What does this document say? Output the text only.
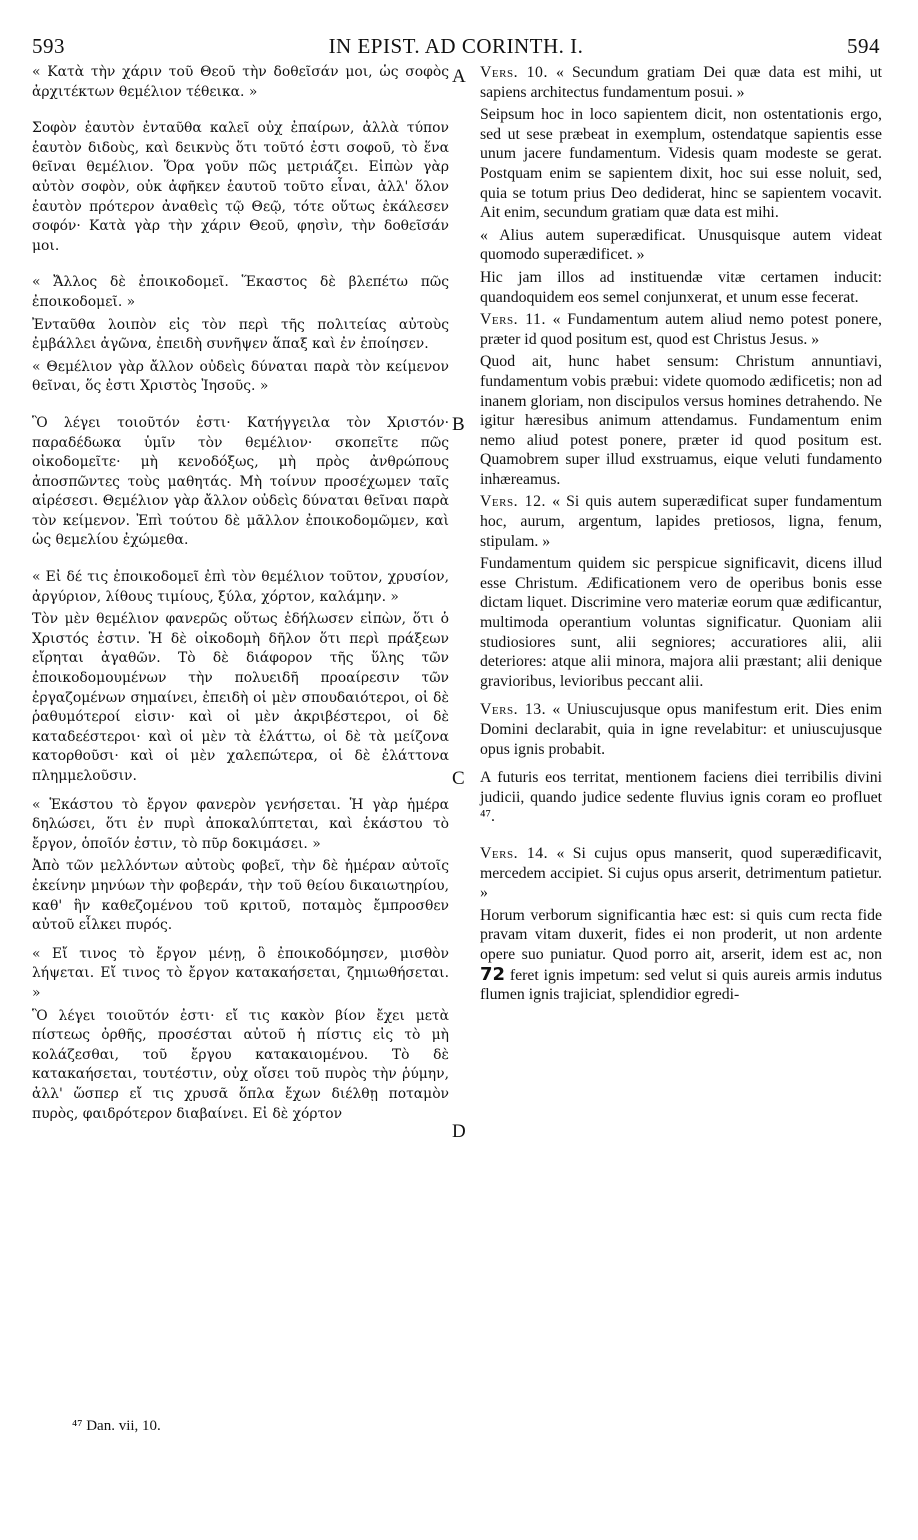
593	IN EPIST. AD CORINTH. I.	594
A
B
C
D

« Κατὰ τὴν χάριν τοῦ Θεοῦ τὴν δοθεῖσάν μοι, ὡς σοφὸς ἀρχιτέκτων θεμέλιον τέθεικα. »

Σοφὸν ἑαυτὸν ἐνταῦθα καλεῖ οὐχ ἐπαίρων, ἀλλὰ τύπον ἑαυτὸν διδοὺς, καὶ δεικνὺς ὅτι τοῦτό ἐστι σοφοῦ, τὸ ἕνα θεῖναι θεμέλιον. Ὅρα γοῦν πῶς μετριάζει. Εἰπὼν γὰρ αὐτὸν σοφὸν, οὐκ ἀφῆκεν ἑαυτοῦ τοῦτο εἶναι, ἀλλ' ὅλον ἑαυτὸν πρότερον ἀναθεὶς τῷ Θεῷ, τότε οὕτως ἐκάλεσεν σοφόν· Κατὰ γὰρ τὴν χάριν Θεοῦ, φησὶν, τὴν δοθεῖσάν μοι.

« Ἄλλος δὲ ἐποικοδομεῖ. Ἕκαστος δὲ βλεπέτω πῶς ἐποικοδομεῖ. »

Ἐνταῦθα λοιπὸν εἰς τὸν περὶ τῆς πολιτείας αὐτοὺς ἐμβάλλει ἀγῶνα, ἐπειδὴ συνῆψεν ἅπαξ καὶ ἐν ἐποίησεν.

« Θεμέλιον γὰρ ἄλλον οὐδεὶς δύναται παρὰ τὸν κείμενον θεῖναι, ὅς ἐστι Χριστὸς Ἰησοῦς. »

Ὃ λέγει τοιοῦτόν ἐστι· Κατήγγειλα τὸν Χριστόν· παραδέδωκα ὑμῖν τὸν θεμέλιον· σκοπεῖτε πῶς οἰκοδομεῖτε· μὴ κενοδόξως, μὴ πρὸς ἀνθρώπους ἀποσπῶντες τοὺς μαθητάς. Μὴ τοίνυν προσέχωμεν ταῖς αἱρέσεσι. Θεμέλιον γὰρ ἄλλον οὐδεὶς δύναται θεῖναι παρὰ τὸν κείμενον. Ἐπὶ τούτου δὲ μᾶλλον ἐποικοδομῶμεν, καὶ ὡς θεμελίου ἐχώμεθα.

« Εἰ δέ τις ἐποικοδομεῖ ἐπὶ τὸν θεμέλιον τοῦτον, χρυσίον, ἀργύριον, λίθους τιμίους, ξύλα, χόρτον, καλάμην. »

Τὸν μὲν θεμέλιον φανερῶς οὕτως ἐδήλωσεν εἰπὼν, ὅτι ὁ Χριστός ἐστιν. Ἡ δὲ οἰκοδομὴ δῆλον ὅτι περὶ πράξεων εἴρηται ἀγαθῶν. Τὸ δὲ διάφορον τῆς ὕλης τῶν ἐποικοδομουμένων τὴν πολυειδῆ προαίρεσιν τῶν ἐργαζομένων σημαίνει, ἐπειδὴ οἱ μὲν σπουδαιότεροι, οἱ δὲ ῥαθυμότεροί εἰσιν· καὶ οἱ μὲν ἀκριβέστεροι, οἱ δὲ καταδεέστεροι· καὶ οἱ μὲν τὰ ἐλάττω, οἱ δὲ τὰ μείζονα κατορθοῦσι· καὶ οἱ μὲν χαλεπώτερα, οἱ δὲ ἐλάττονα πλημμελοῦσιν.

« Ἑκάστου τὸ ἔργον φανερὸν γενήσεται. Ἡ γὰρ ἡμέρα δηλώσει, ὅτι ἐν πυρὶ ἀποκαλύπτεται, καὶ ἑκάστου τὸ ἔργον, ὁποῖόν ἐστιν, τὸ πῦρ δοκιμάσει. »

Ἀπὸ τῶν μελλόντων αὐτοὺς φοβεῖ, τὴν δὲ ἡμέραν αὐτοῖς ἐκείνην μηνύων τὴν φοβεράν, τὴν τοῦ θείου δικαιωτηρίου, καθ' ἣν καθεζομένου τοῦ κριτοῦ, ποταμὸς ἔμπροσθεν αὐτοῦ εἷλκει πυρός.

« Εἴ τινος τὸ ἔργον μένῃ, ὃ ἐποικοδόμησεν, μισθὸν λήψεται. Εἴ τινος τὸ ἔργον κατακαήσεται, ζημιωθήσεται. »

Ὃ λέγει τοιοῦτόν ἐστι· εἴ τις κακὸν βίον ἔχει μετὰ πίστεως ὀρθῆς, προσέσται αὐτοῦ ἡ πίστις εἰς τὸ μὴ κολάζεσθαι, τοῦ ἔργου κατακαιομένου. Τὸ δὲ κατακαήσεται, τουτέστιν, οὐχ οἴσει τοῦ πυρὸς τὴν ῥύμην, ἀλλ' ὥσπερ εἴ τις χρυσᾶ ὅπλα ἔχων διέλθῃ ποταμὸν πυρὸς, φαιδρότερον διαβαίνει. Εἰ δὲ χόρτον

Vers. 10. « Secundum gratiam Dei quæ data est mihi, ut sapiens architectus fundamentum posui. »

Seipsum hoc in loco sapientem dicit, non ostentationis ergo, sed ut sese præbeat in exemplum, ostendatque sapientis esse unum jacere fundamentum. Videsis quam modeste se gerat. Postquam enim se sapientem dixit, hoc sui esse noluit, sed, quia se totum prius Deo dediderat, hinc se sapientem vocavit. Ait enim, secundum gratiam quæ data est mihi.

« Alius autem superædificat. Unusquisque autem videat quomodo superædificet. »

Hic jam illos ad instituendæ vitæ certamen inducit: quandoquidem eos semel conjunxerat, et unum esse fecerat.

Vers. 11. « Fundamentum autem aliud nemo potest ponere, præter id quod positum est, quod est Christus Jesus. »

Quod ait, hunc habet sensum: Christum annuntiavi, fundamentum vobis præbui: videte quomodo ædificetis; non ad inanem gloriam, non discipulos versus homines detrahendo. Ne igitur hæresibus animum attendamus. Fundamentum enim nemo aliud potest ponere, præter id quod positum est. Quamobrem super illud exstruamus, eique veluti fundamento inhæreamus.

Vers. 12. « Si quis autem superædificat super fundamentum hoc, aurum, argentum, lapides pretiosos, ligna, fenum, stipulam. »

Fundamentum quidem sic perspicue significavit, dicens illud esse Christum. Ædificationem vero de operibus bonis esse dictam liquet. Discrimine vero materiæ eorum quæ ædificantur, multimoda operantium voluntas significatur. Quoniam alii studiosiores sunt, alii segniores; accuratiores alii, alii deteriores: atque alii minora, majora alii præstant; alii denique gravioribus, levioribus peccant alii.

Vers. 13. « Uniuscujusque opus manifestum erit. Dies enim Domini declarabit, quia in igne revelabitur: et uniuscujusque opus ignis probabit.

A futuris eos territat, mentionem faciens diei terribilis divini judicii, quando judice sedente fluvius ignis coram eo profluet ⁴⁷.

Vers. 14. « Si cujus opus manserit, quod superædificavit, mercedem accipiet. Si cujus opus arserit, detrimentum patietur. »

Horum verborum significantia hæc est: si quis cum recta fide pravam vitam duxerit, fides ei non proderit, ut non ardente opere suo puniatur. Quod porro ait, arserit, idem est ac, non 72 feret ignis impetum: sed velut si quis aureis armis indutus flumen ignis trajiciat, splendidior egredi-

⁴⁷ Dan. vii, 10.
